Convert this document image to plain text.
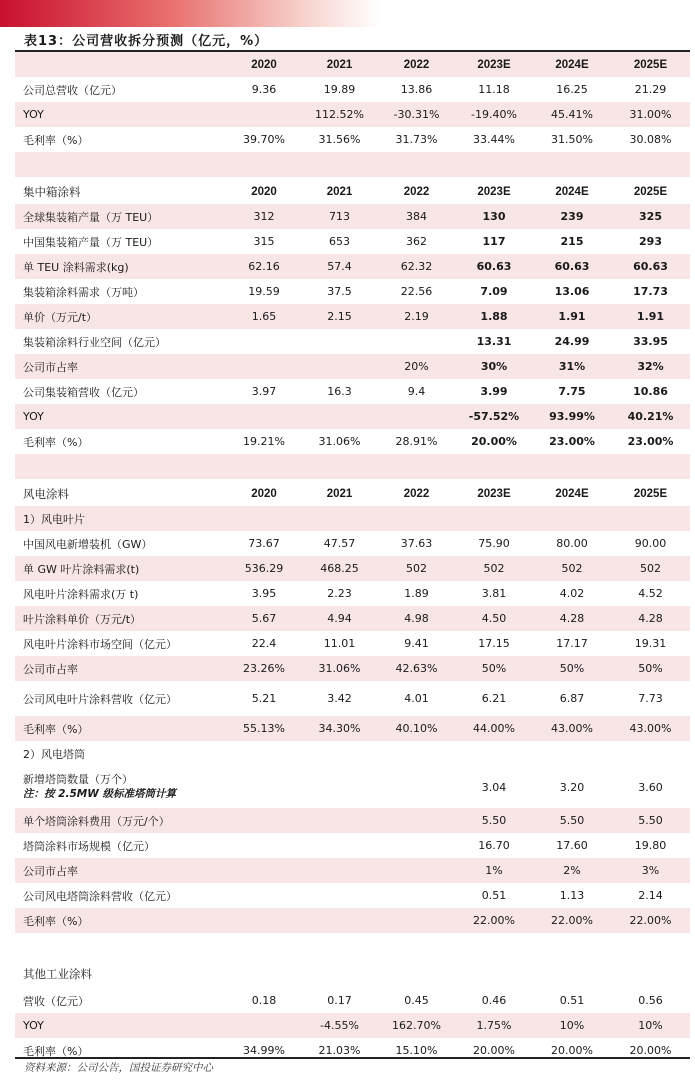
表13：公司营收拆分预测（亿元，%）
	2020	2021	2022	2023E	2024E	2025E
公司总营收（亿元）	9.36	19.89	13.86	11.18	16.25	21.29
YOY		112.52%	-30.31%	-19.40%	45.41%	31.00%
毛利率（%）	39.70%	31.56%	31.73%	33.44%	31.50%	30.08%

集中箱涂料	2020	2021	2022	2023E	2024E	2025E
全球集装箱产量（万 TEU）	312	713	384	130	239	325
中国集装箱产量（万 TEU）	315	653	362	117	215	293
单 TEU 涂料需求(kg)	62.16	57.4	62.32	60.63	60.63	60.63
集装箱涂料需求（万吨）	19.59	37.5	22.56	7.09	13.06	17.73
单价（万元/t）	1.65	2.15	2.19	1.88	1.91	1.91
集装箱涂料行业空间（亿元）				13.31	24.99	33.95
公司市占率			20%	30%	31%	32%
公司集装箱营收（亿元）	3.97	16.3	9.4	3.99	7.75	10.86
YOY				-57.52%	93.99%	40.21%
毛利率（%）	19.21%	31.06%	28.91%	20.00%	23.00%	23.00%

风电涂料	2020	2021	2022	2023E	2024E	2025E
1）风电叶片						
中国风电新增装机（GW）	73.67	47.57	37.63	75.90	80.00	90.00
单 GW 叶片涂料需求(t)	536.29	468.25	502	502	502	502
风电叶片涂料需求(万 t)	3.95	2.23	1.89	3.81	4.02	4.52
叶片涂料单价（万元/t）	5.67	4.94	4.98	4.50	4.28	4.28
风电叶片涂料市场空间（亿元）	22.4	11.01	9.41	17.15	17.17	19.31
公司市占率	23.26%	31.06%	42.63%	50%	50%	50%
公司风电叶片涂料营收（亿元）	5.21	3.42	4.01	6.21	6.87	7.73
毛利率（%）	55.13%	34.30%	40.10%	44.00%	43.00%	43.00%
2）风电塔筒						

新增塔筒数量（万个）
注：按 2.5MW 级标准塔筒计算				3.04	3.20	3.60
单个塔筒涂料费用（万元/个）				5.50	5.50	5.50
塔筒涂料市场规模（亿元）				16.70	17.60	19.80
公司市占率				1%	2%	3%
公司风电塔筒涂料营收（亿元）				0.51	1.13	2.14
毛利率（%）				22.00%	22.00%	22.00%

其他工业涂料						
营收（亿元）	0.18	0.17	0.45	0.46	0.51	0.56
YOY		-4.55%	162.70%	1.75%	10%	10%
毛利率（%）	34.99%	21.03%	15.10%	20.00%	20.00%	20.00%
资料来源：公司公告，国投证券研究中心
